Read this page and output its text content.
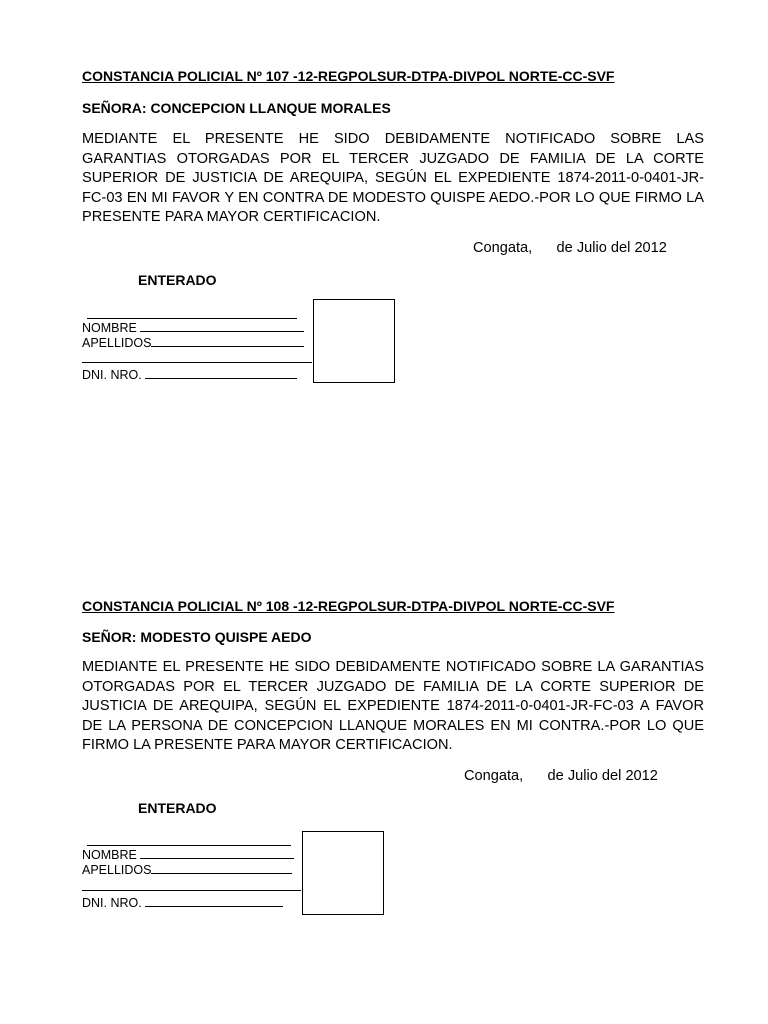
CONSTANCIA POLICIAL Nº 107 -12-REGPOLSUR-DTPA-DIVPOL NORTE-CC-SVF

SEÑORA: CONCEPCION LLANQUE MORALES

MEDIANTE EL PRESENTE HE SIDO DEBIDAMENTE NOTIFICADO SOBRE LAS GARANTIAS OTORGADAS POR EL TERCER JUZGADO DE FAMILIA DE LA CORTE SUPERIOR DE JUSTICIA DE AREQUIPA, SEGÚN EL EXPEDIENTE 1874-2011-0-0401-JR-FC-03 EN MI FAVOR Y EN CONTRA DE MODESTO QUISPE AEDO.-POR LO QUE FIRMO LA PRESENTE PARA MAYOR CERTIFICACION.

Congata,      de Julio del 2012
ENTERADO
NOMBRE
APELLIDOS
DNI. NRO.

CONSTANCIA POLICIAL Nº 108 -12-REGPOLSUR-DTPA-DIVPOL NORTE-CC-SVF

SEÑOR: MODESTO QUISPE AEDO

MEDIANTE EL PRESENTE HE SIDO DEBIDAMENTE NOTIFICADO SOBRE LA GARANTIAS OTORGADAS POR EL TERCER JUZGADO DE FAMILIA DE LA CORTE SUPERIOR DE JUSTICIA DE AREQUIPA, SEGÚN EL EXPEDIENTE 1874-2011-0-0401-JR-FC-03 A FAVOR DE LA PERSONA DE CONCEPCION LLANQUE MORALES EN MI CONTRA.-POR LO QUE FIRMO LA PRESENTE PARA MAYOR CERTIFICACION.

Congata,      de Julio del 2012
ENTERADO
NOMBRE
APELLIDOS
DNI. NRO.
